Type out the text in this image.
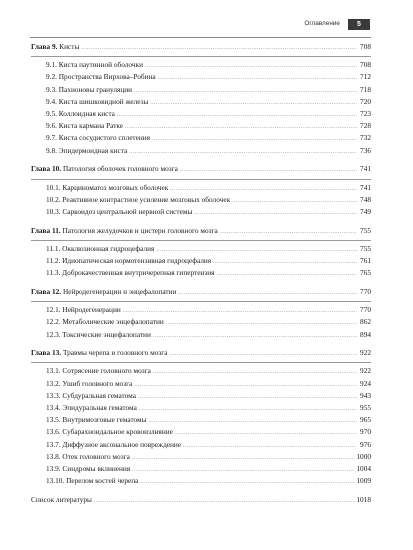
Оглавление	5
Глава 9. Кисты .....	708
9.1. Киста паутинной оболочки .....	708
9.2. Пространства Вирхова–Робина .....	712
9.3. Пахионовы грануляции .....	718
9.4. Киста шишковидной железы .....	720
9.5. Коллоидная киста .....	723
9.6. Киста кармана Ратке .....	728
9.7. Киста сосудистого сплетения .....	732
9.8. Эпидермоидная киста .....	736
Глава 10. Патология оболочек головного мозга .....	741
10.1. Карциноматоз мозговых оболочек .....	741
10.2. Реактивное контрастное усиление мозговых оболочек .....	748
10.3. Саркоидоз центральной нервной системы .....	749
Глава 11. Патология желудочков и цистерн головного мозга .....	755
11.1. Окклюзионная гидроцефалия .....	755
11.2. Идиопатическая нормотензивная гидроцефалия .....	761
11.3. Доброкачественная внутричерепная гипертензия .....	765
Глава 12. Нейродегенерации и энцефалопатии .....	770
12.1. Нейродегенерации .....	770
12.2. Метаболические энцефалопатии .....	862
12.3. Токсические энцефалопатии .....	894
Глава 13. Травмы черепа и головного мозга .....	922
13.1. Сотрясение головного мозга .....	922
13.2. Ушиб головного мозга .....	924
13.3. Субдуральная гематома .....	943
13.4. Эпидуральная гематома .....	955
13.5. Внутримозговые гематомы .....	965
13.6. Субарахноидальное кровоизлияние .....	970
13.7. Диффузное аксональное повреждение .....	976
13.8. Отек головного мозга .....	1000
13.9. Синдромы вклинения .....	1004
13.10. Перелом костей черепа .....	1009
Список литературы .....	1018
